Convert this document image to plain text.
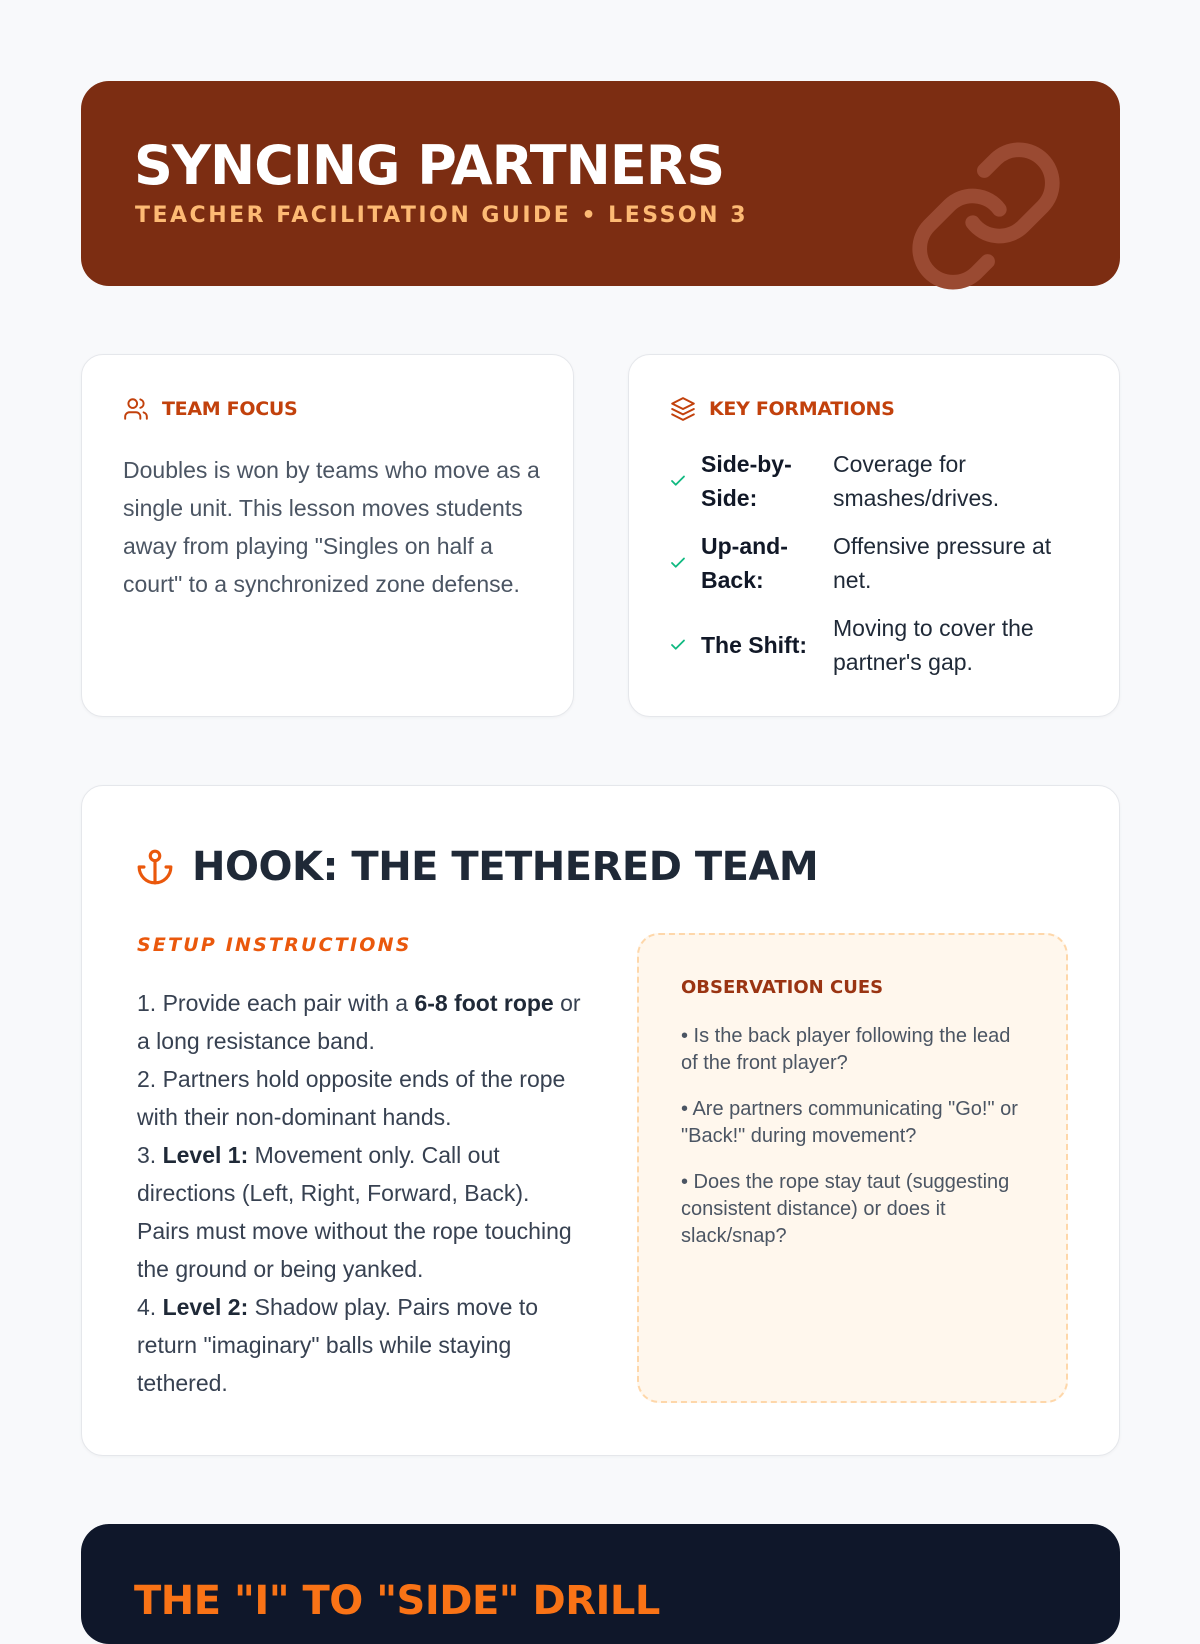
SYNCING PARTNERS
TEACHER FACILITATION GUIDE • LESSON 3
TEAM FOCUS

Doubles is won by teams who move as a single unit. This lesson moves students away from playing "Singles on half a court" to a synchronized zone defense.

KEY FORMATIONS
Side-by-Side:
Coverage for smashes/drives.
Up-and-Back:
Offensive pressure at net.
The Shift:
Moving to cover the partner's gap.
HOOK: THE TETHERED TEAM
SETUP INSTRUCTIONS
1. Provide each pair with a 6-8 foot rope or a long resistance band.
2. Partners hold opposite ends of the rope with their non-dominant hands.
3. Level 1: Movement only. Call out directions (Left, Right, Forward, Back). Pairs must move without the rope touching the ground or being yanked.
4. Level 2: Shadow play. Pairs move to return "imaginary" balls while staying tethered.
OBSERVATION CUES
• Is the back player following the lead of the front player?
• Are partners communicating "Go!" or "Back!" during movement?
• Does the rope stay taut (suggesting consistent distance) or does it slack/snap?
THE "I" TO "SIDE" DRILL
